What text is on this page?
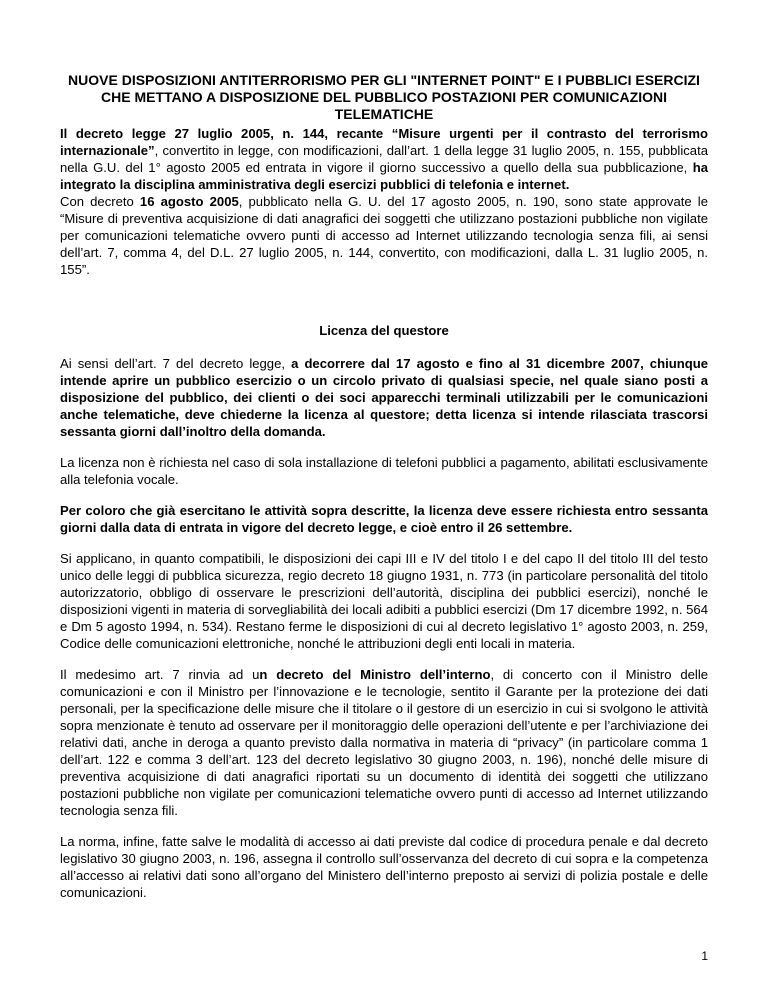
NUOVE DISPOSIZIONI ANTITERRORISMO PER GLI "INTERNET POINT" E I PUBBLICI ESERCIZI CHE METTANO A DISPOSIZIONE DEL PUBBLICO POSTAZIONI PER COMUNICAZIONI TELEMATICHE

Il decreto legge 27 luglio 2005, n. 144, recante “Misure urgenti per il contrasto del terrorismo internazionale”, convertito in legge, con modificazioni, dall’art. 1 della legge 31 luglio 2005, n. 155, pubblicata nella G.U. del 1° agosto 2005 ed entrata in vigore il giorno successivo a quello della sua pubblicazione, ha integrato la disciplina amministrativa degli esercizi pubblici di telefonia e internet.

Con decreto 16 agosto 2005, pubblicato nella G. U. del 17 agosto 2005, n. 190, sono state approvate le “Misure di preventiva acquisizione di dati anagrafici dei soggetti che utilizzano postazioni pubbliche non vigilate per comunicazioni telematiche ovvero punti di accesso ad Internet utilizzando tecnologia senza fili, ai sensi dell’art. 7, comma 4, del D.L. 27 luglio 2005, n. 144, convertito, con modificazioni, dalla L. 31 luglio 2005, n. 155”.

Licenza del questore

Ai sensi dell’art. 7 del decreto legge, a decorrere dal 17 agosto e fino al 31 dicembre 2007, chiunque intende aprire un pubblico esercizio o un circolo privato di qualsiasi specie, nel quale siano posti a disposizione del pubblico, dei clienti o dei soci apparecchi terminali utilizzabili per le comunicazioni anche telematiche, deve chiederne la licenza al questore; detta licenza si intende rilasciata trascorsi sessanta giorni dall’inoltro della domanda.

La licenza non è richiesta nel caso di sola installazione di telefoni pubblici a pagamento, abilitati esclusivamente alla telefonia vocale.

Per coloro che già esercitano le attività sopra descritte, la licenza deve essere richiesta entro sessanta giorni dalla data di entrata in vigore del decreto legge, e cioè entro il 26 settembre.

Si applicano, in quanto compatibili, le disposizioni dei capi III e IV del titolo I e del capo II del titolo III del testo unico delle leggi di pubblica sicurezza, regio decreto 18 giugno 1931, n. 773 (in particolare personalità del titolo autorizzatorio, obbligo di osservare le prescrizioni dell’autorità, disciplina dei pubblici esercizi), nonché le disposizioni vigenti in materia di sorvegliabilità dei locali adibiti a pubblici esercizi (Dm 17 dicembre 1992, n. 564 e Dm 5 agosto 1994, n. 534). Restano ferme le disposizioni di cui al decreto legislativo 1° agosto 2003, n. 259, Codice delle comunicazioni elettroniche, nonché le attribuzioni degli enti locali in materia.

Il medesimo art. 7 rinvia ad un decreto del Ministro dell’interno, di concerto con il Ministro delle comunicazioni e con il Ministro per l’innovazione e le tecnologie, sentito il Garante per la protezione dei dati personali, per la specificazione delle misure che il titolare o il gestore di un esercizio in cui si svolgono le attività sopra menzionate è tenuto ad osservare per il monitoraggio delle operazioni dell’utente e per l’archiviazione dei relativi dati, anche in deroga a quanto previsto dalla normativa in materia di “privacy” (in particolare comma 1 dell’art. 122 e comma 3 dell’art. 123 del decreto legislativo 30 giugno 2003, n. 196), nonché delle misure di preventiva acquisizione di dati anagrafici riportati su un documento di identità dei soggetti che utilizzano postazioni pubbliche non vigilate per comunicazioni telematiche ovvero punti di accesso ad Internet utilizzando tecnologia senza fili.

La norma, infine, fatte salve le modalità di accesso ai dati previste dal codice di procedura penale e dal decreto legislativo 30 giugno 2003, n. 196, assegna il controllo sull’osservanza del decreto di cui sopra e la competenza all’accesso ai relativi dati sono all’organo del Ministero dell’interno preposto ai servizi di polizia postale e delle comunicazioni.

1
